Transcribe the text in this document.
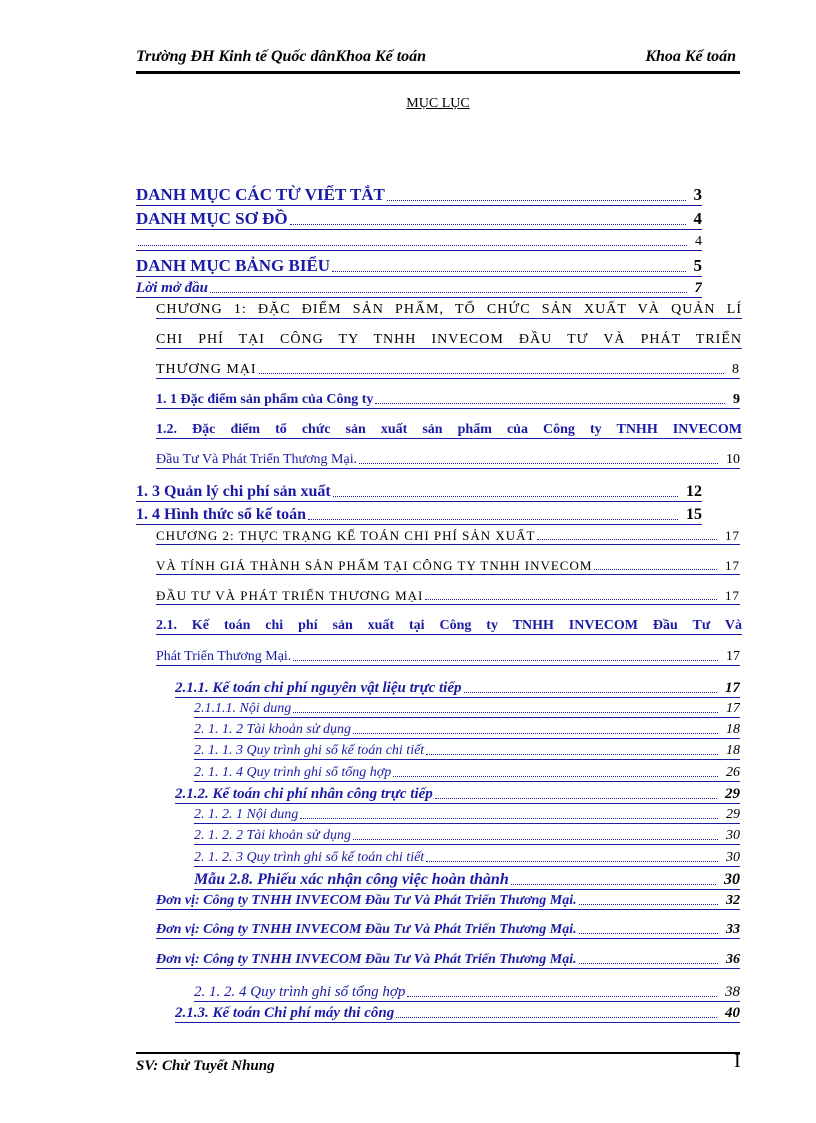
Trường ĐH Kinh tế Quốc dânKhoa Kế toán	Khoa Kế toán
MỤC LỤC
DANH MỤC CÁC TỪ VIẾT TẮT	3
DANH MỤC SƠ ĐỒ	4
4
DANH MỤC BẢNG BIỂU	5
Lời mở đầu	7
CHƯƠNG 1: ĐẶC ĐIỂM SẢN PHẨM, TỔ CHỨC SẢN XUẤT VÀ QUẢN LÍ
CHI PHÍ TẠI CÔNG TY TNHH INVECOM ĐẦU TƯ VÀ PHÁT TRIỂN
THƯƠNG MẠI	8
1. 1 Đặc điểm sản phẩm của Công ty	9
1.2. Đặc điểm tổ chức sản xuất sản phẩm của Công ty TNHH INVECOM
Đầu Tư Và Phát Triển Thương Mại.	10
1. 3 Quản lý chi phí sản xuất	12
1. 4 Hình thức sổ kế toán	15
CHƯƠNG 2: THỰC TRẠNG KẾ TOÁN CHI PHÍ SẢN XUẤT	17
VÀ TÍNH GIÁ THÀNH SẢN PHẨM TẠI CÔNG TY TNHH INVECOM	17
ĐẦU TƯ VÀ PHÁT TRIỂN THƯƠNG MẠI	17
2.1. Kế toán chi phí sản xuất tại Công ty TNHH INVECOM Đầu Tư Và
Phát Triển Thương Mại.	17
2.1.1. Kế toán chi phí nguyên vật liệu trực tiếp	17
2.1.1.1. Nội dung	17
2. 1. 1. 2 Tài khoản sử dụng	18
2. 1. 1. 3 Quy trình ghi sổ kế toán chi tiết	18
2. 1. 1. 4 Quy trình ghi sổ tổng hợp	26
2.1.2. Kế toán chi phí nhân công trực tiếp	29
2. 1. 2. 1 Nội dung	29
2. 1. 2. 2 Tài khoản sử dụng	30
2. 1. 2. 3 Quy trình ghi sổ kế toán chi tiết	30
Mẫu 2.8. Phiếu xác nhận công việc hoàn thành	30
Đơn vị: Công ty TNHH INVECOM Đầu Tư Và Phát Triển Thương Mại.	32
Đơn vị: Công ty TNHH INVECOM Đầu Tư Và Phát Triển Thương Mại.	33
Đơn vị: Công ty TNHH INVECOM Đầu Tư Và Phát Triển Thương Mại.	36
2. 1. 2. 4 Quy trình ghi sổ tổng hợp	38
2.1.3. Kế toán Chi phí máy thi công	40
SV: Chử Tuyết Nhung	I
